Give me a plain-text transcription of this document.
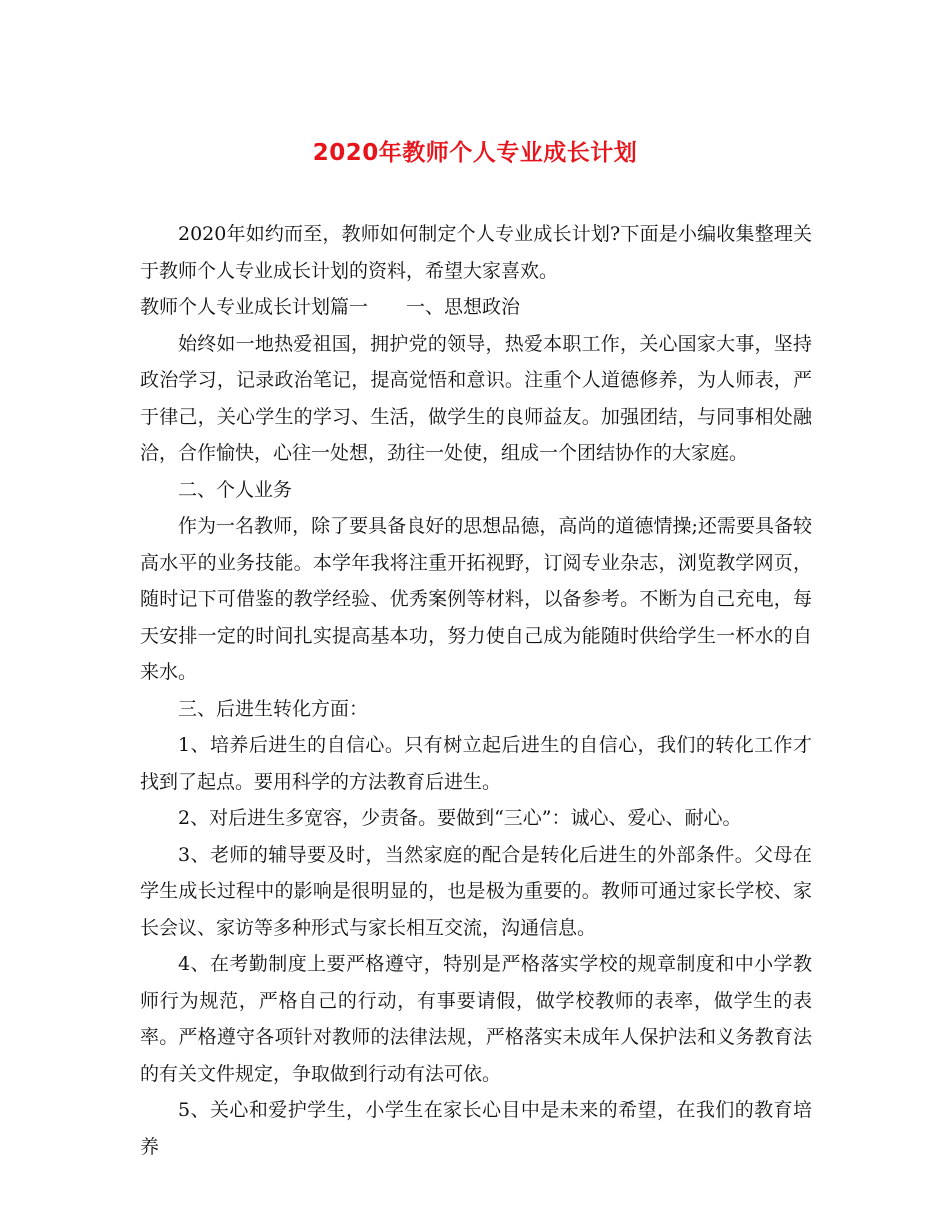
2020年教师个人专业成长计划

2020年如约而至，教师如何制定个人专业成长计划?下面是小编收集整理关于教师个人专业成长计划的资料，希望大家喜欢。

教师个人专业成长计划篇一　　一、思想政治

始终如一地热爱祖国，拥护党的领导，热爱本职工作，关心国家大事，坚持政治学习，记录政治笔记，提高觉悟和意识。注重个人道德修养，为人师表，严于律己，关心学生的学习、生活，做学生的良师益友。加强团结，与同事相处融洽，合作愉快，心往一处想，劲往一处使，组成一个团结协作的大家庭。

二、个人业务

作为一名教师，除了要具备良好的思想品德，高尚的道德情操;还需要具备较高水平的业务技能。本学年我将注重开拓视野，订阅专业杂志，浏览教学网页，随时记下可借鉴的教学经验、优秀案例等材料，以备参考。不断为自己充电，每天安排一定的时间扎实提高基本功，努力使自己成为能随时供给学生一杯水的自来水。

三、后进生转化方面：

1、培养后进生的自信心。只有树立起后进生的自信心，我们的转化工作才找到了起点。要用科学的方法教育后进生。

2、对后进生多宽容，少责备。要做到“三心”：诚心、爱心、耐心。

3、老师的辅导要及时，当然家庭的配合是转化后进生的外部条件。父母在学生成长过程中的影响是很明显的，也是极为重要的。教师可通过家长学校、家长会议、家访等多种形式与家长相互交流，沟通信息。

4、在考勤制度上要严格遵守，特别是严格落实学校的规章制度和中小学教师行为规范，严格自己的行动，有事要请假，做学校教师的表率，做学生的表率。严格遵守各项针对教师的法律法规，严格落实未成年人保护法和义务教育法的有关文件规定，争取做到行动有法可依。

5、关心和爱护学生，小学生在家长心目中是未来的希望，在我们的教育培养
